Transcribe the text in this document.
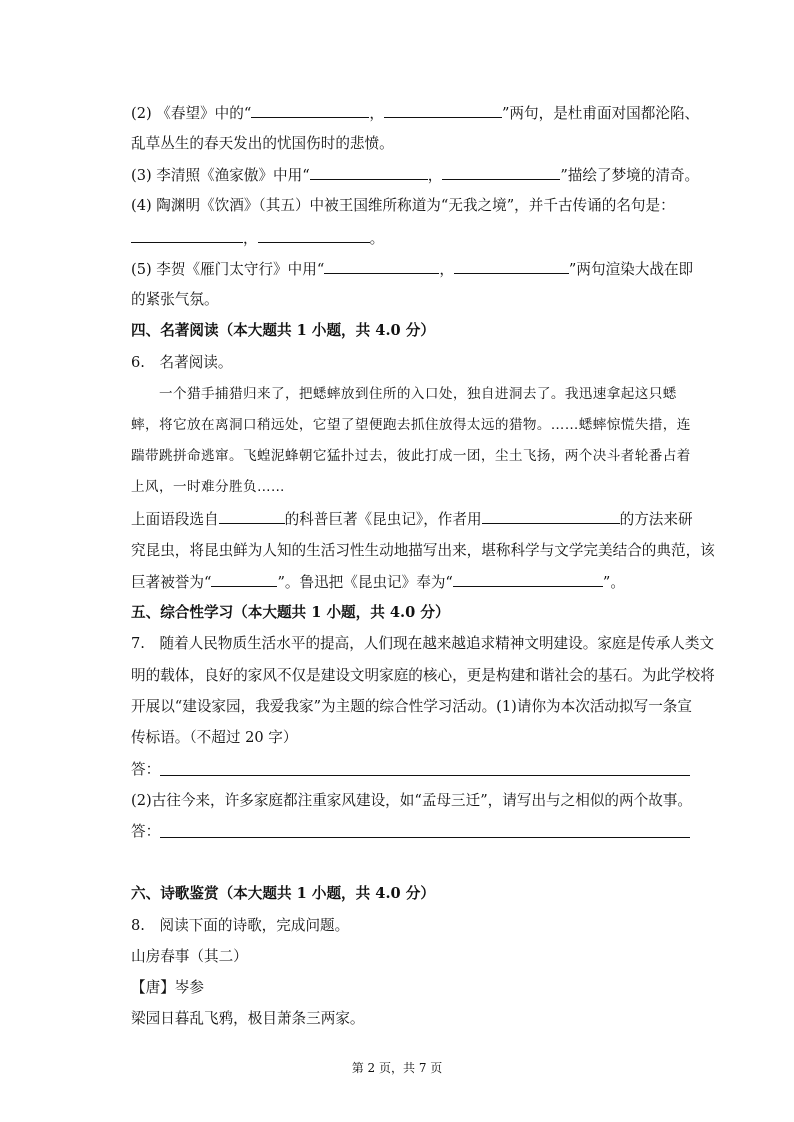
(2) 《春望》中的“	，	”两句，是杜甫面对国都沦陷、
乱草丛生的春天发出的忧国伤时的悲愤。
(3) 李清照《渔家傲》中用“	，	”描绘了梦境的清奇。
(4) 陶渊明《饮酒》（其五）中被王国维所称道为“无我之境”，并千古传诵的名句是：
，	。
(5) 李贺《雁门太守行》中用“	，	”两句渲染大战在即
的紧张气氛。
四、名著阅读（本大题共 1 小题，共 4.0 分）
6.　名著阅读。
一个猎手捕猎归来了，把蟋蟀放到住所的入口处，独自进洞去了。我迅速拿起这只蟋
蟀，将它放在离洞口稍远处，它望了望便跑去抓住放得太远的猎物。……蟋蟀惊慌失措，连
踹带跳拼命逃窜。飞蝗泥蜂朝它猛扑过去，彼此打成一团，尘土飞扬，两个决斗者轮番占着
上风，一时难分胜负……
上面语段选自	的科普巨著《昆虫记》，作者用	的方法来研
究昆虫，将昆虫鲜为人知的生活习性生动地描写出来，堪称科学与文学完美结合的典范，该
巨著被誉为“	”。鲁迅把《昆虫记》奉为“	”。
五、综合性学习（本大题共 1 小题，共 4.0 分）
7.　随着人民物质生活水平的提高，人们现在越来越追求精神文明建设。家庭是传承人类文
明的载体，良好的家风不仅是建设文明家庭的核心，更是构建和谐社会的基石。为此学校将
开展以“建设家园，我爱我家”为主题的综合性学习活动。(1)请你为本次活动拟写一条宣
传标语。（不超过 20 字）
答：
(2)古往今来，许多家庭都注重家风建设，如“孟母三迁”，请写出与之相似的两个故事。
答：
六、诗歌鉴赏（本大题共 1 小题，共 4.0 分）
8.　阅读下面的诗歌，完成问题。
山房春事（其二）
【唐】岑参
梁园日暮乱飞鸦，极目萧条三两家。
第 2 页，共 7 页
